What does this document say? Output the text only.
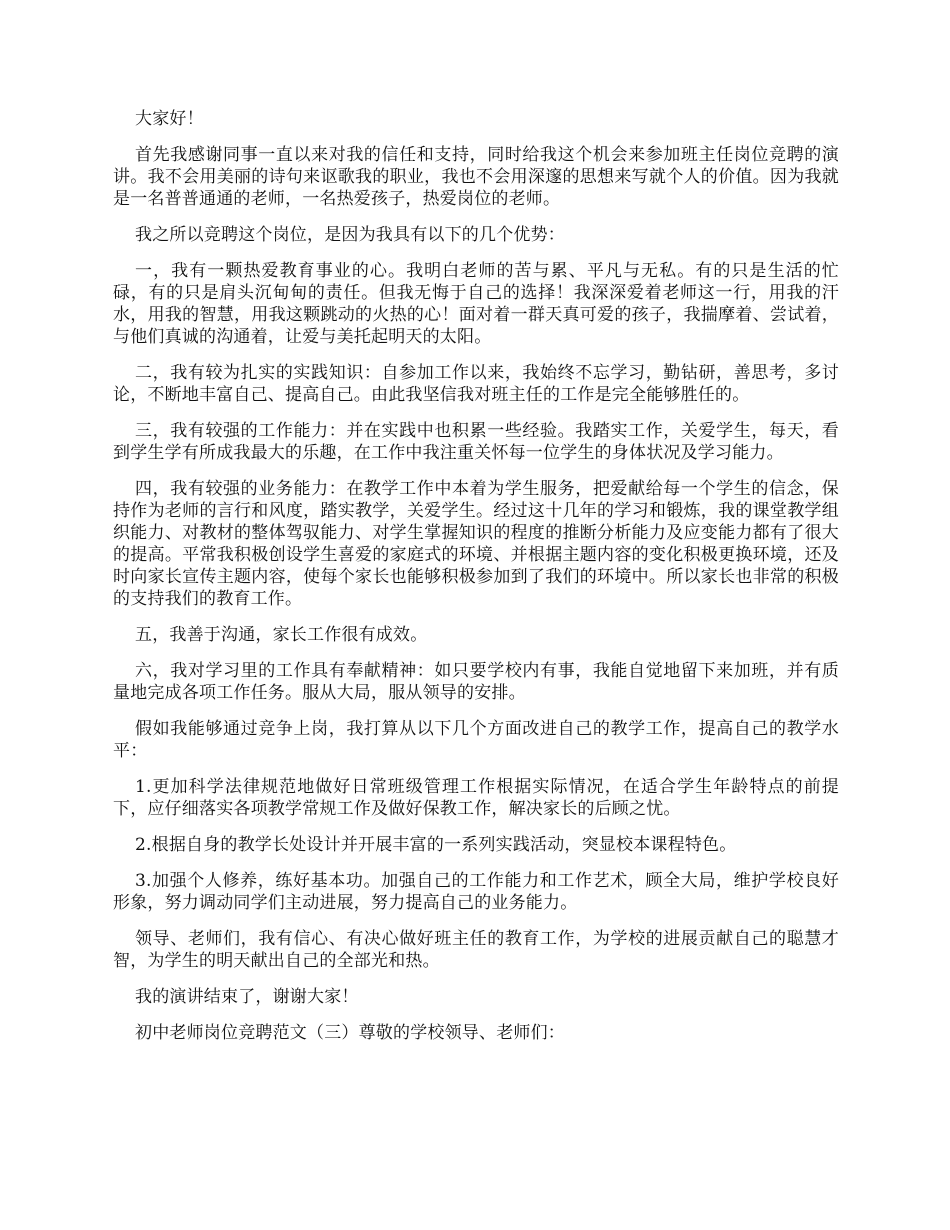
大家好！

首先我感谢同事一直以来对我的信任和支持，同时给我这个机会来参加班主任岗位竞聘的演讲。我不会用美丽的诗句来讴歌我的职业，我也不会用深邃的思想来写就个人的价值。因为我就是一名普普通通的老师，一名热爱孩子，热爱岗位的老师。

我之所以竞聘这个岗位，是因为我具有以下的几个优势：

一，我有一颗热爱教育事业的心。我明白老师的苦与累、平凡与无私。有的只是生活的忙碌，有的只是肩头沉甸甸的责任。但我无悔于自己的选择！我深深爱着老师这一行，用我的汗水，用我的智慧，用我这颗跳动的火热的心！面对着一群天真可爱的孩子，我揣摩着、尝试着，与他们真诚的沟通着，让爱与美托起明天的太阳。

二，我有较为扎实的实践知识：自参加工作以来，我始终不忘学习，勤钻研，善思考，多讨论，不断地丰富自己、提高自己。由此我坚信我对班主任的工作是完全能够胜任的。

三，我有较强的工作能力：并在实践中也积累一些经验。我踏实工作，关爱学生，每天，看到学生学有所成我最大的乐趣，在工作中我注重关怀每一位学生的身体状况及学习能力。

四，我有较强的业务能力：在教学工作中本着为学生服务，把爱献给每一个学生的信念，保持作为老师的言行和风度，踏实教学，关爱学生。经过这十几年的学习和锻炼，我的课堂教学组织能力、对教材的整体驾驭能力、对学生掌握知识的程度的推断分析能力及应变能力都有了很大的提高。平常我积极创设学生喜爱的家庭式的环境、并根据主题内容的变化积极更换环境，还及时向家长宣传主题内容，使每个家长也能够积极参加到了我们的环境中。所以家长也非常的积极的支持我们的教育工作。

五，我善于沟通，家长工作很有成效。

六，我对学习里的工作具有奉献精神：如只要学校内有事，我能自觉地留下来加班，并有质量地完成各项工作任务。服从大局，服从领导的安排。

假如我能够通过竞争上岗，我打算从以下几个方面改进自己的教学工作，提高自己的教学水平：

1.更加科学法律规范地做好日常班级管理工作根据实际情况，在适合学生年龄特点的前提下，应仔细落实各项教学常规工作及做好保教工作，解决家长的后顾之忧。

2.根据自身的教学长处设计并开展丰富的一系列实践活动，突显校本课程特色。

3.加强个人修养，练好基本功。加强自己的工作能力和工作艺术，顾全大局，维护学校良好形象，努力调动同学们主动进展，努力提高自己的业务能力。

领导、老师们，我有信心、有决心做好班主任的教育工作，为学校的进展贡献自己的聪慧才智，为学生的明天献出自己的全部光和热。

我的演讲结束了，谢谢大家！

初中老师岗位竞聘范文（三）尊敬的学校领导、老师们：
